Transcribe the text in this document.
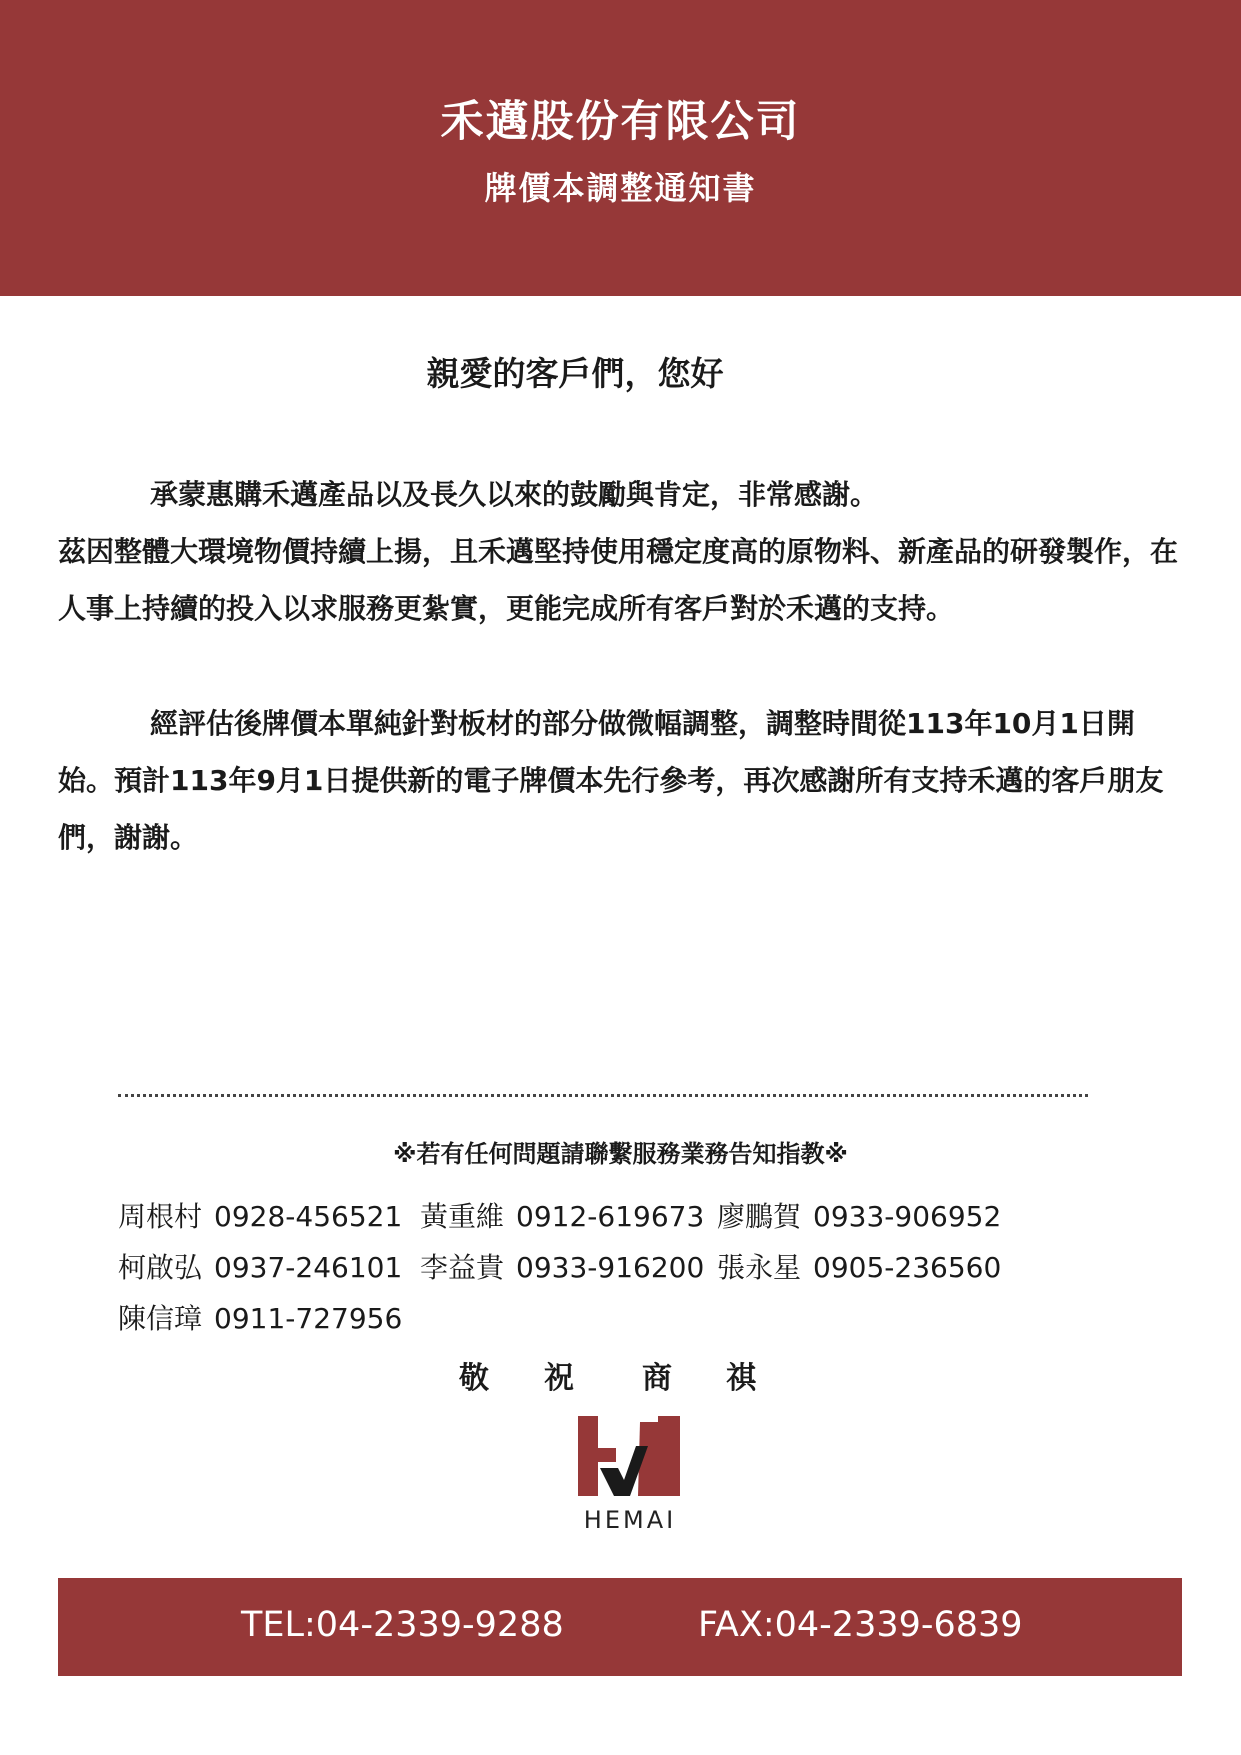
禾邁股份有限公司
牌價本調整通知書
親愛的客戶們，您好

承蒙惠購禾邁產品以及長久以來的鼓勵與肯定，非常感謝。

茲因整體大環境物價持續上揚，且禾邁堅持使用穩定度高的原物料、新產品的研發製作，在人事上持續的投入以求服務更紮實，更能完成所有客戶對於禾邁的支持。

經評估後牌價本單純針對板材的部分做微幅調整，調整時間從113年10月1日開始。預計113年9月1日提供新的電子牌價本先行參考，再次感謝所有支持禾邁的客戶朋友們，謝謝。

※若有任何問題請聯繫服務業務告知指教※
周根村 0928-456521 黃重維 0912-619673 廖鵬賀 0933-906952
柯啟弘 0937-246101 李益貴 0933-916200 張永星 0905-236560
陳信璋 0911-727956
敬 祝 商 祺
HEMAI
TEL:04-2339-9288	FAX:04-2339-6839
